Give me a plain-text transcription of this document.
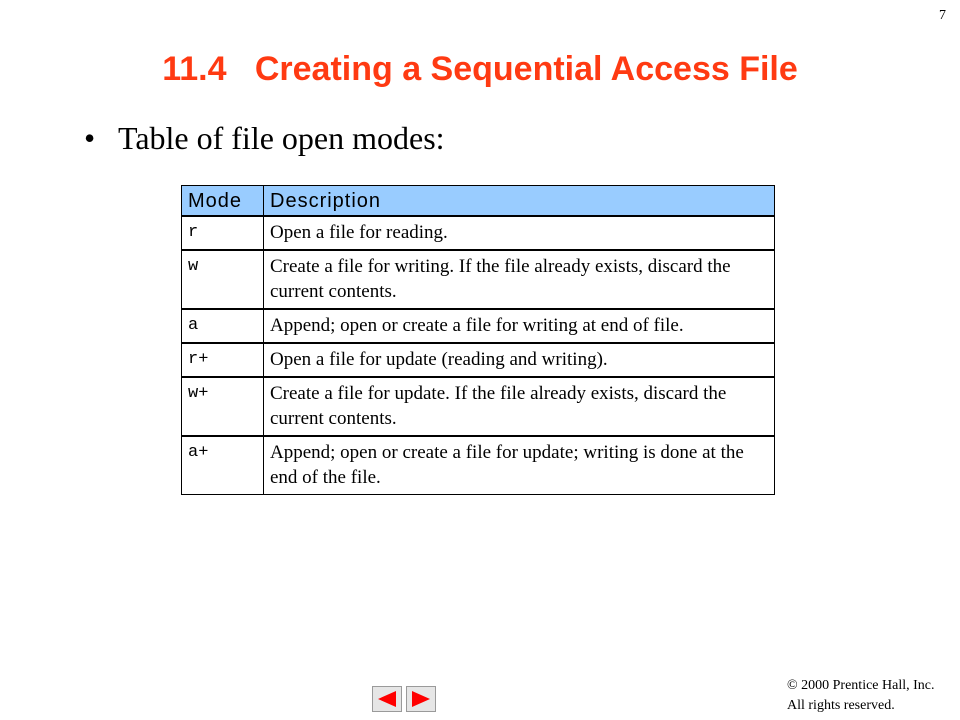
7
11.4   Creating a Sequential Access File
• Table of file open modes:
Mode	Description
r	Open a file for reading.
w	Create a file for writing. If the file already exists, discard the current contents.
a	Append; open or create a file for writing at end of file.
r+	Open a file for update (reading and writing).
w+	Create a file for update. If the file already exists, discard the current contents.
a+	Append; open or create a file for update; writing is done at the end of the file.
© 2000 Prentice Hall, Inc.
All rights reserved.
